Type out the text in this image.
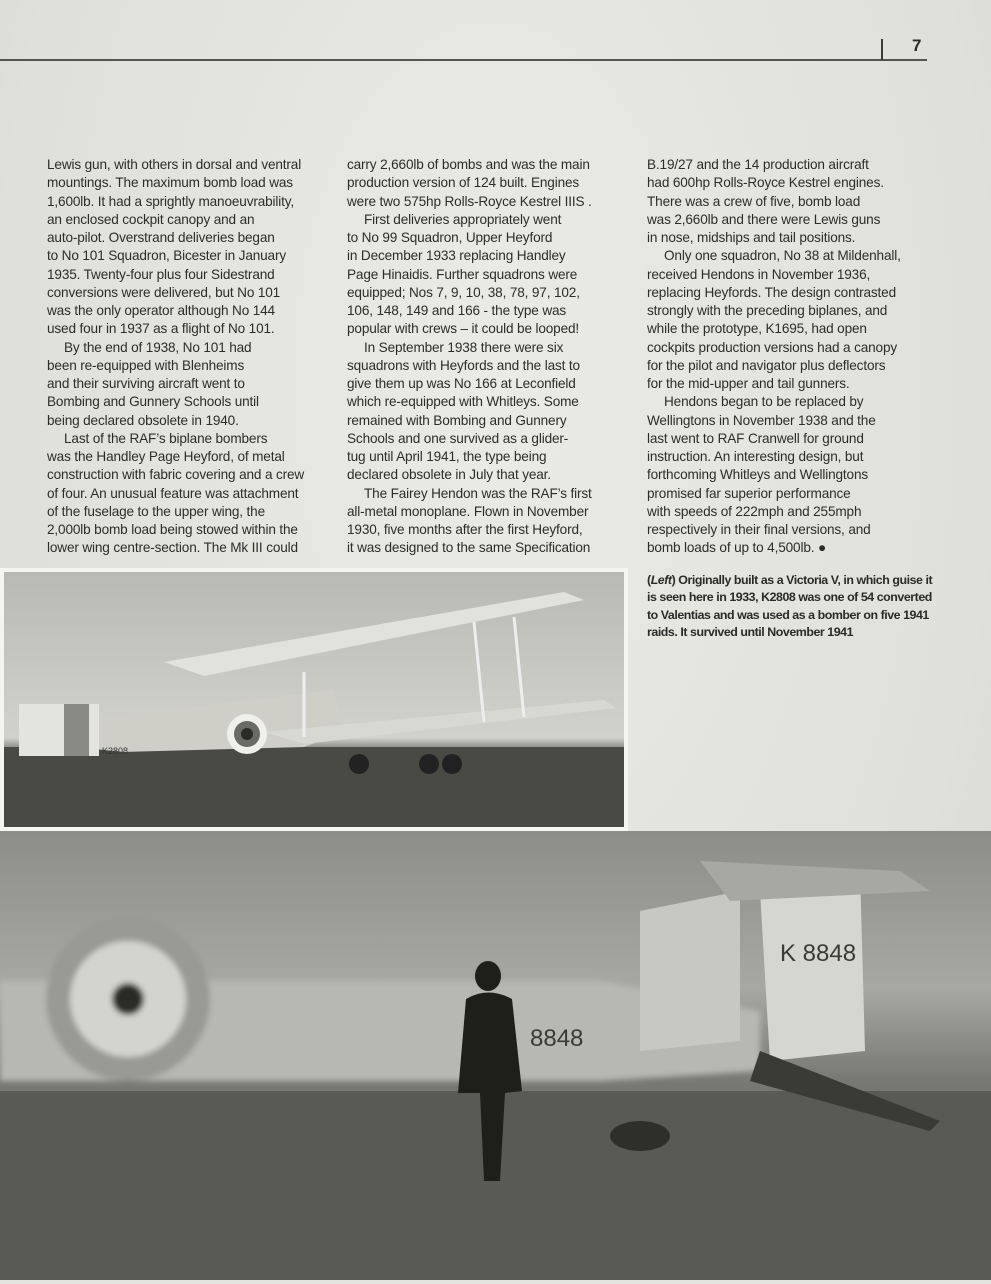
7
Lewis gun, with others in dorsal and ventral
mountings. The maximum bomb load was
1,600lb. It had a sprightly manoeuvrability,
an enclosed cockpit canopy and an
auto-pilot. Overstrand deliveries began
to No 101 Squadron, Bicester in January
1935. Twenty-four plus four Sidestrand
conversions were delivered, but No 101
was the only operator although No 144
used four in 1937 as a flight of No 101.
By the end of 1938, No 101 had
been re-equipped with Blenheims
and their surviving aircraft went to
Bombing and Gunnery Schools until
being declared obsolete in 1940.
Last of the RAF’s biplane bombers
was the Handley Page Heyford, of metal
construction with fabric covering and a crew
of four. An unusual feature was attachment
of the fuselage to the upper wing, the
2,000lb bomb load being stowed within the
lower wing centre-section. The Mk III could
carry 2,660lb of bombs and was the main
production version of 124 built. Engines
were two 575hp Rolls-Royce Kestrel IIIS .
First deliveries appropriately went
to No 99 Squadron, Upper Heyford
in December 1933 replacing Handley
Page Hinaidis. Further squadrons were
equipped; Nos 7, 9, 10, 38, 78, 97, 102,
106, 148, 149 and 166 - the type was
popular with crews – it could be looped!
In September 1938 there were six
squadrons with Heyfords and the last to
give them up was No 166 at Leconfield
which re-equipped with Whitleys. Some
remained with Bombing and Gunnery
Schools and one survived as a glider-
tug until April 1941, the type being
declared obsolete in July that year.
The Fairey Hendon was the RAF’s first
all-metal monoplane. Flown in November
1930, five months after the first Heyford,
it was designed to the same Specification
B.19/27 and the 14 production aircraft
had 600hp Rolls-Royce Kestrel engines.
There was a crew of five, bomb load
was 2,660lb and there were Lewis guns
in nose, midships and tail positions.
Only one squadron, No 38 at Mildenhall,
received Hendons in November 1936,
replacing Heyfords. The design contrasted
strongly with the preceding biplanes, and
while the prototype, K1695, had open
cockpits production versions had a canopy
for the pilot and navigator plus deflectors
for the mid-upper and tail gunners.
Hendons began to be replaced by
Wellingtons in November 1938 and the
last went to RAF Cranwell for ground
instruction. An interesting design, but
forthcoming Whitleys and Wellingtons
promised far superior performance
with speeds of 222mph and 255mph
respectively in their final versions, and
bomb loads of up to 4,500lb. ●
(Left) Originally built as a Victoria V, in which guise it is seen here in 1933, K2808 was one of 54 converted to Valentias and was used as a bomber on five 1941 raids. It survived until November 1941
K2808
K 8848
8848
